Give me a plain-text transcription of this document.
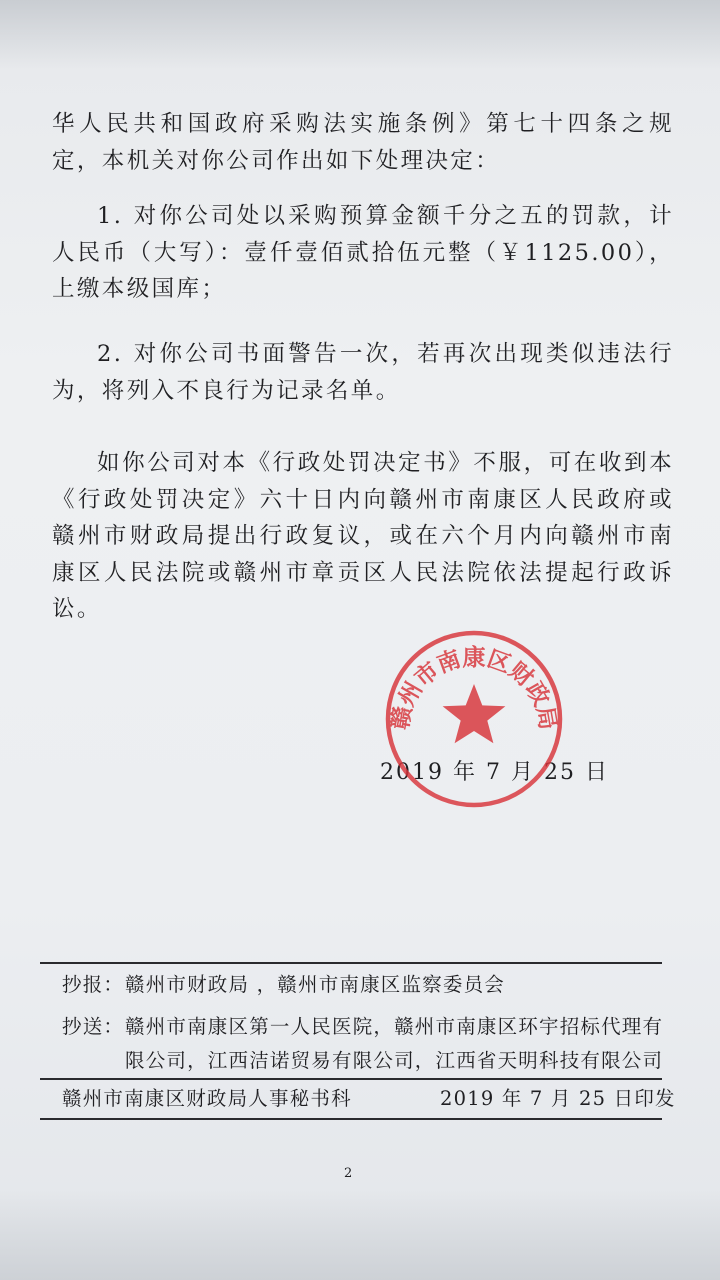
华人民共和国政府采购法实施条例》第七十四条之规定，本机关对你公司作出如下处理决定：

1. 对你公司处以采购预算金额千分之五的罚款，计人民币（大写）：壹仟壹佰贰拾伍元整（￥1125.00），上缴本级国库；

2. 对你公司书面警告一次，若再次出现类似违法行为，将列入不良行为记录名单。

如你公司对本《行政处罚决定书》不服，可在收到本《行政处罚决定》六十日内向赣州市南康区人民政府或赣州市财政局提出行政复议，或在六个月内向赣州市南康区人民法院或赣州市章贡区人民法院依法提起行政诉讼。

2019 年 7 月 25 日
赣州市南康区财政局
抄报： 赣州市财政局 ，赣州市南康区监察委员会
抄送： 赣州市南康区第一人民医院，赣州市南康区环宇招标代理有
限公司，江西洁诺贸易有限公司，江西省天明科技有限公司
赣州市南康区财政局人事秘书科	2019 年 7 月 25 日印发
2
